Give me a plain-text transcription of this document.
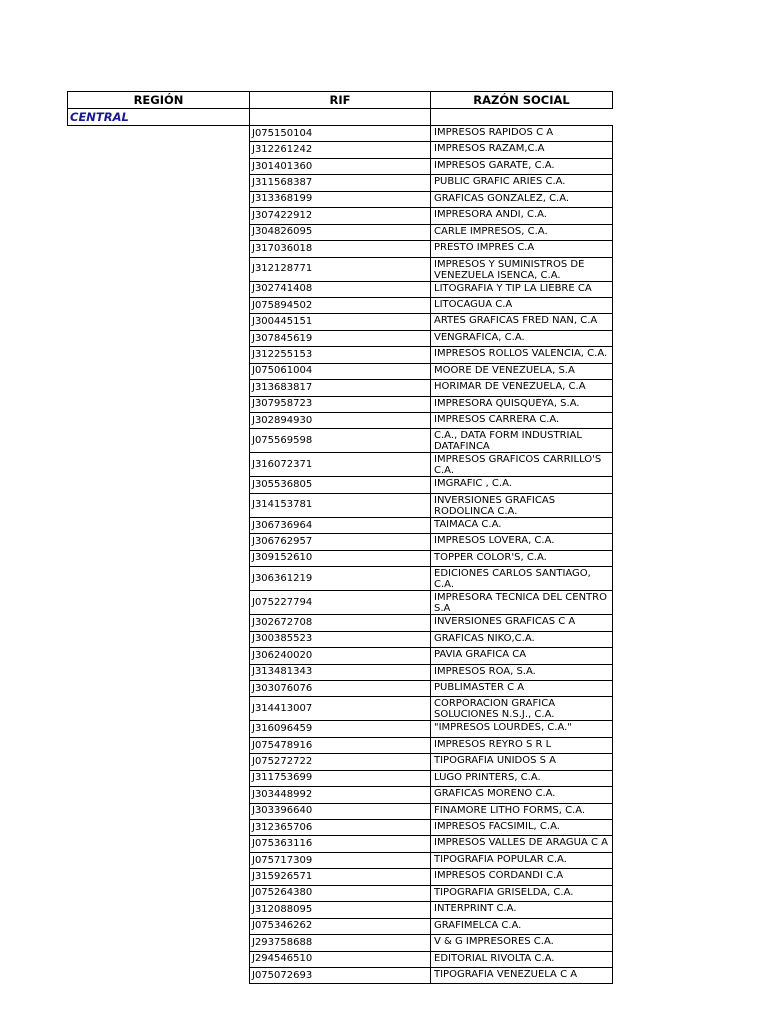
REGIÓN	RIF	RAZÓN SOCIAL
CENTRAL		
	J075150104	IMPRESOS RAPIDOS C A
	J312261242	IMPRESOS RAZAM,C.A
	J301401360	IMPRESOS GARATE, C.A.
	J311568387	PUBLIC GRAFIC ARIES C.A.
	J313368199	GRAFICAS GONZALEZ, C.A.
	J307422912	IMPRESORA ANDI, C.A.
	J304826095	CARLE IMPRESOS, C.A.
	J317036018	PRESTO IMPRES C.A
	J312128771	IMPRESOS Y SUMINISTROS DE VENEZUELA ISENCA, C.A.
	J302741408	LITOGRAFIA Y TIP LA LIEBRE CA
	J075894502	LITOCAGUA C.A
	J300445151	ARTES GRAFICAS FRED NAN, C.A
	J307845619	VENGRAFICA, C.A.
	J312255153	IMPRESOS ROLLOS VALENCIA, C.A.
	J075061004	MOORE DE VENEZUELA, S.A
	J313683817	HORIMAR DE VENEZUELA, C.A
	J307958723	IMPRESORA QUISQUEYA, S.A.
	J302894930	IMPRESOS CARRERA C.A.
	J075569598	C.A., DATA FORM INDUSTRIAL DATAFINCA
	J316072371	IMPRESOS GRAFICOS CARRILLO'S C.A.
	J305536805	IMGRAFIC , C.A.
	J314153781	INVERSIONES GRAFICAS RODOLINCA C.A.
	J306736964	TAIMACA C.A.
	J306762957	IMPRESOS LOVERA, C.A.
	J309152610	TOPPER COLOR'S, C.A.
	J306361219	EDICIONES CARLOS SANTIAGO, C.A.
	J075227794	IMPRESORA TECNICA DEL CENTRO S.A
	J302672708	INVERSIONES GRAFICAS C A
	J300385523	GRAFICAS NIKO,C.A.
	J306240020	PAVIA GRAFICA CA
	J313481343	IMPRESOS ROA, S.A.
	J303076076	PUBLIMASTER C A
	J314413007	CORPORACION GRAFICA SOLUCIONES N.S.J., C.A.
	J316096459	"IMPRESOS LOURDES, C.A."
	J075478916	IMPRESOS REYRO S R L
	J075272722	TIPOGRAFIA UNIDOS S A
	J311753699	LUGO PRINTERS, C.A.
	J303448992	GRAFICAS MORENO C.A.
	J303396640	FINAMORE LITHO FORMS, C.A.
	J312365706	IMPRESOS FACSIMIL, C.A.
	J075363116	IMPRESOS VALLES DE ARAGUA C A
	J075717309	TIPOGRAFIA POPULAR C.A.
	J315926571	IMPRESOS CORDANDI C.A
	J075264380	TIPOGRAFIA GRISELDA, C.A.
	J312088095	INTERPRINT C.A.
	J075346262	GRAFIMELCA C.A.
	J293758688	V & G IMPRESORES C.A.
	J294546510	EDITORIAL RIVOLTA C.A.
	J075072693	TIPOGRAFIA VENEZUELA C A
